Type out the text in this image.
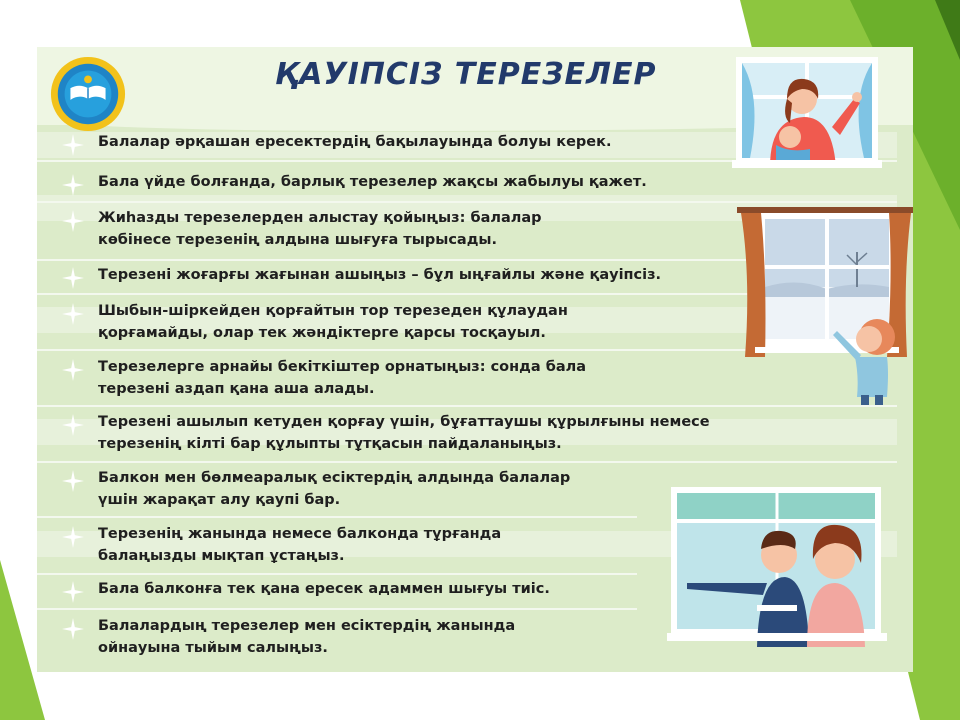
ҚАУІПСІЗ ТЕРЕЗЕЛЕР

Балалар әрқашан ересектердің бақылауында болуы керек.

Бала үйде болғанда, барлық терезелер жақсы жабылуы қажет.

Жиһазды терезелерден алыстау қойыңыз: балалар
көбінесе терезенің алдына шығуға тырысады.

Терезені жоғарғы жағынан ашыңыз – бұл ыңғайлы және қауіпсіз.

Шыбын-шіркейден қорғайтын тор терезеден құлаудан
қорғамайды, олар тек жәндіктерге қарсы тосқауыл.

Терезелерге арнайы бекіткіштер орнатыңыз: сонда бала
терезені аздап қана аша алады.

Терезені ашылып кетуден қорғау үшін, бұғаттаушы құрылғыны немесе
терезенің кілті бар құлыпты тұтқасын пайдаланыңыз.

Балкон мен бөлмеаралық есіктердің алдында балалар
үшін жарақат алу қаупі бар.

Терезенің жанында немесе балконда тұрғанда
балаңызды мықтап ұстаңыз.

Бала балконға тек қана ересек адаммен шығуы тиіс.

Балалардың терезелер мен есіктердің жанында
ойнауына тыйым салыңыз.
